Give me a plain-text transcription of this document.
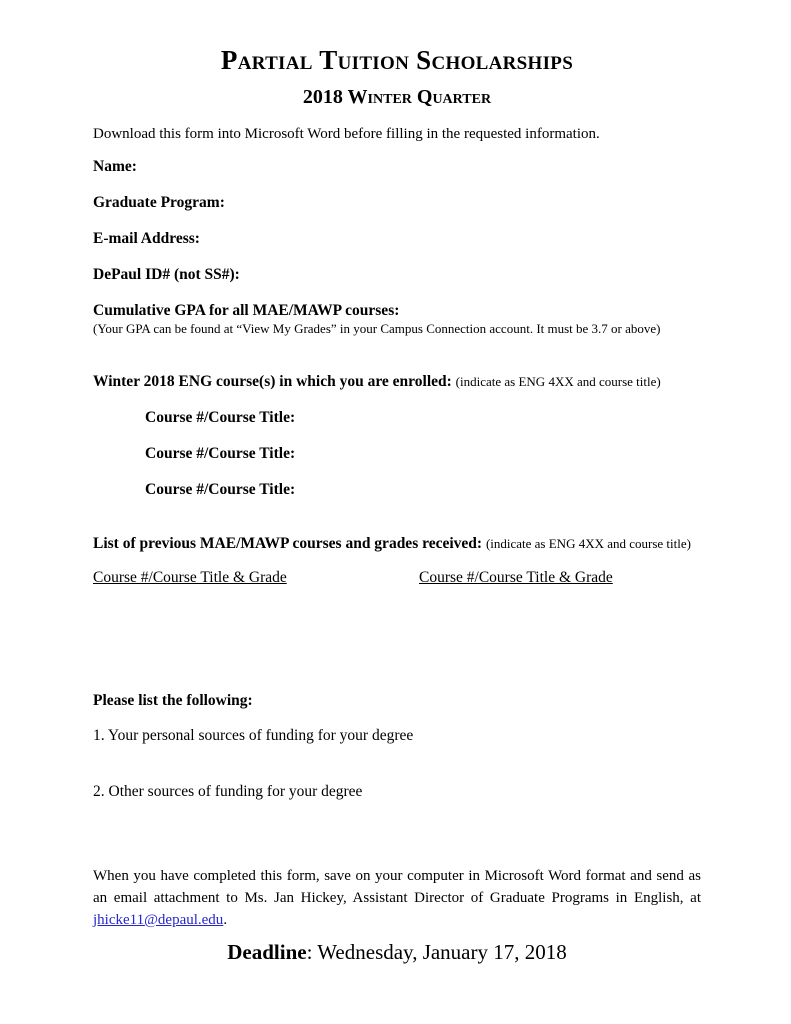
Partial Tuition Scholarships
2018 Winter Quarter

Download this form into Microsoft Word before filling in the requested information.

Name:

Graduate Program:

E-mail Address:

DePaul ID# (not SS#):

Cumulative GPA for all MAE/MAWP courses:

(Your GPA can be found at “View My Grades” in your Campus Connection account. It must be 3.7 or above)

Winter 2018 ENG course(s) in which you are enrolled: (indicate as ENG 4XX and course title)

Course #/Course Title:

Course #/Course Title:

Course #/Course Title:

List of previous MAE/MAWP courses and grades received: (indicate as ENG 4XX and course title)

Course #/Course Title & Grade	Course #/Course Title & Grade

Please list the following:

1. Your personal sources of funding for your degree

2. Other sources of funding for your degree

When you have completed this form, save on your computer in Microsoft Word format and send as an email attachment to Ms. Jan Hickey, Assistant Director of Graduate Programs in English, at jhicke11@depaul.edu.

Deadline: Wednesday, January 17, 2018
